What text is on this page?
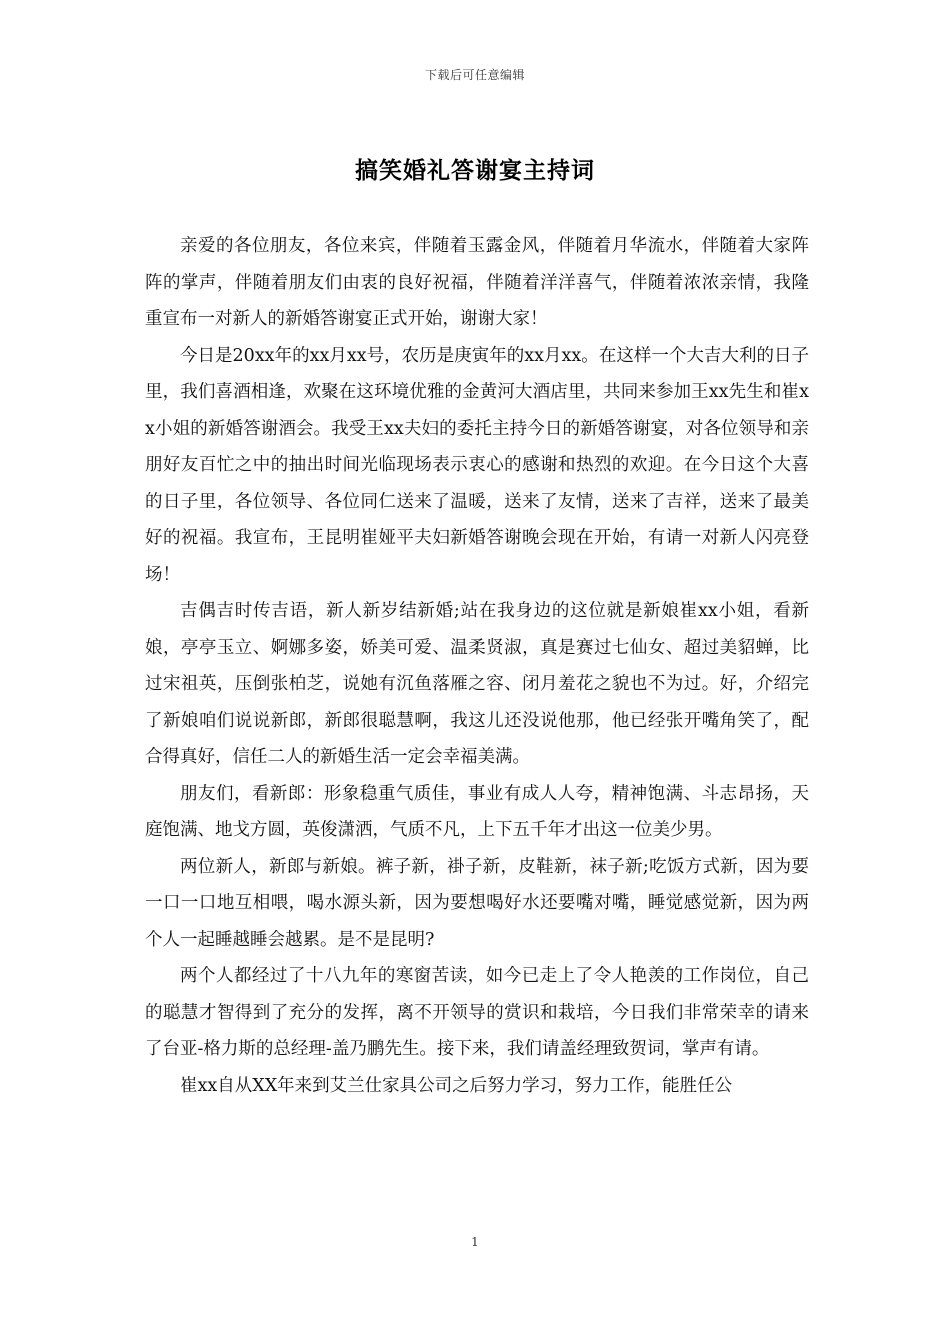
下载后可任意编辑
搞笑婚礼答谢宴主持词

亲爱的各位朋友，各位来宾，伴随着玉露金风，伴随着月华流水，伴随着大家阵阵的掌声，伴随着朋友们由衷的良好祝福，伴随着洋洋喜气，伴随着浓浓亲情，我隆重宣布一对新人的新婚答谢宴正式开始，谢谢大家！

今日是20xx年的xx月xx号，农历是庚寅年的xx月xx。在这样一个大吉大利的日子里，我们喜酒相逢，欢聚在这环境优雅的金黄河大酒店里，共同来参加王xx先生和崔xx小姐的新婚答谢酒会。我受王xx夫妇的委托主持今日的新婚答谢宴，对各位领导和亲朋好友百忙之中的抽出时间光临现场表示衷心的感谢和热烈的欢迎。在今日这个大喜的日子里，各位领导、各位同仁送来了温暖，送来了友情，送来了吉祥，送来了最美好的祝福。我宣布，王昆明崔娅平夫妇新婚答谢晚会现在开始，有请一对新人闪亮登场！

吉偶吉时传吉语，新人新岁结新婚;站在我身边的这位就是新娘崔xx小姐，看新娘，亭亭玉立、婀娜多姿，娇美可爱、温柔贤淑，真是赛过七仙女、超过美貂蝉，比过宋祖英，压倒张柏芝，说她有沉鱼落雁之容、闭月羞花之貌也不为过。好，介绍完了新娘咱们说说新郎，新郎很聪慧啊，我这儿还没说他那，他已经张开嘴角笑了，配合得真好，信任二人的新婚生活一定会幸福美满。

朋友们，看新郎：形象稳重气质佳，事业有成人人夸，精神饱满、斗志昂扬，天庭饱满、地戈方圆，英俊潇洒，气质不凡，上下五千年才出这一位美少男。

两位新人，新郎与新娘。裤子新，褂子新，皮鞋新，袜子新;吃饭方式新，因为要一口一口地互相喂，喝水源头新，因为要想喝好水还要嘴对嘴，睡觉感觉新，因为两个人一起睡越睡会越累。是不是昆明?

两个人都经过了十八九年的寒窗苦读，如今已走上了令人艳羡的工作岗位，自己的聪慧才智得到了充分的发挥，离不开领导的赏识和栽培，今日我们非常荣幸的请来了台亚-格力斯的总经理-盖乃鹏先生。接下来，我们请盖经理致贺词，掌声有请。

崔xx自从XX年来到艾兰仕家具公司之后努力学习，努力工作，能胜任公

1
